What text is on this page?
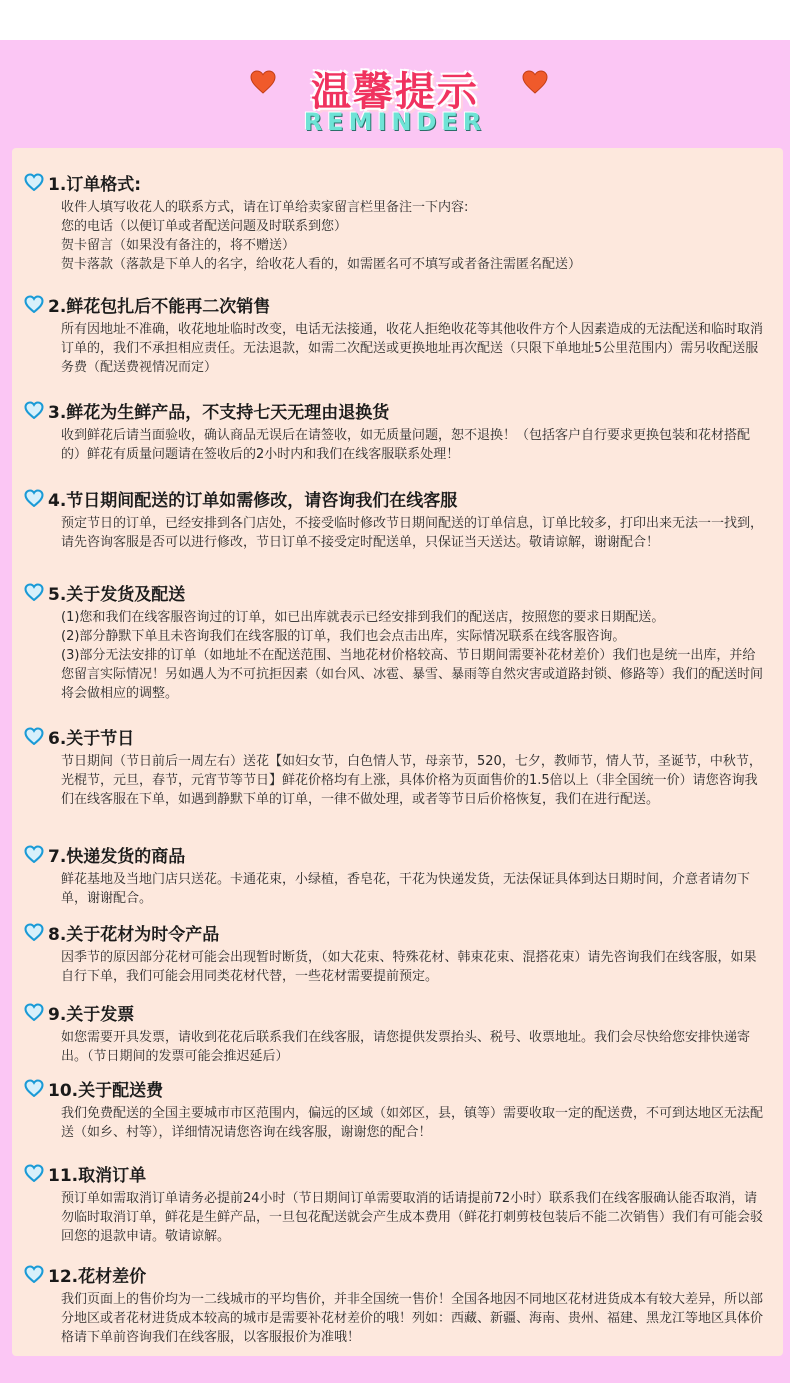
温馨提示
REMINDER
1.订单格式:

收件人填写收花人的联系方式，请在订单给卖家留言栏里备注一下内容:

您的电话（以便订单或者配送问题及时联系到您）

贺卡留言（如果没有备注的，将不赠送）

贺卡落款（落款是下单人的名字，给收花人看的，如需匿名可不填写或者备注需匿名配送）

2.鲜花包扎后不能再二次销售

所有因地址不准确，收花地址临时改变，电话无法接通，收花人拒绝收花等其他收件方个人因素造成的无法配送和临时取消订单的，我们不承担相应责任。无法退款，如需二次配送或更换地址再次配送（只限下单地址5公里范围内）需另收配送服务费（配送费视情况而定）

3.鲜花为生鲜产品，不支持七天无理由退换货

收到鲜花后请当面验收，确认商品无误后在请签收，如无质量问题，恕不退换！（包括客户自行要求更换包装和花材搭配的）鲜花有质量问题请在签收后的2小时内和我们在线客服联系处理！

4.节日期间配送的订单如需修改，请咨询我们在线客服

预定节日的订单，已经安排到各门店处，不接受临时修改节日期间配送的订单信息，订单比较多，打印出来无法一一找到，请先咨询客服是否可以进行修改，节日订单不接受定时配送单，只保证当天送达。敬请谅解，谢谢配合！

5.关于发货及配送

(1)您和我们在线客服咨询过的订单，如已出库就表示已经安排到我们的配送店，按照您的要求日期配送。

(2)部分静默下单且未咨询我们在线客服的订单，我们也会点击出库，实际情况联系在线客服咨询。

(3)部分无法安排的订单（如地址不在配送范围、当地花材价格较高、节日期间需要补花材差价）我们也是统一出库，并给您留言实际情况！另如遇人为不可抗拒因素（如台风、冰雹、暴雪、暴雨等自然灾害或道路封锁、修路等）我们的配送时间将会做相应的调整。

6.关于节日

节日期间（节日前后一周左右）送花【如妇女节，白色情人节，母亲节，520，七夕，教师节，情人节，圣诞节，中秋节，光棍节，元旦，春节，元宵节等节日】鲜花价格均有上涨，具体价格为页面售价的1.5倍以上（非全国统一价）请您咨询我们在线客服在下单，如遇到静默下单的订单，一律不做处理，或者等节日后价格恢复，我们在进行配送。

7.快递发货的商品

鲜花基地及当地门店只送花。卡通花束，小绿植，香皂花，干花为快递发货，无法保证具体到达日期时间，介意者请勿下单，谢谢配合。

8.关于花材为时令产品

因季节的原因部分花材可能会出现暂时断货，（如大花束、特殊花材、韩束花束、混搭花束）请先咨询我们在线客服，如果自行下单，我们可能会用同类花材代替，一些花材需要提前预定。

9.关于发票

如您需要开具发票，请收到花花后联系我们在线客服，请您提供发票抬头、税号、收票地址。我们会尽快给您安排快递寄出。（节日期间的发票可能会推迟延后）

10.关于配送费

我们免费配送的全国主要城市市区范围内，偏远的区域（如郊区，县，镇等）需要收取一定的配送费，不可到达地区无法配送（如乡、村等），详细情况请您咨询在线客服，谢谢您的配合！

11.取消订单

预订单如需取消订单请务必提前24小时（节日期间订单需要取消的话请提前72小时）联系我们在线客服确认能否取消，请勿临时取消订单，鲜花是生鲜产品，一旦包花配送就会产生成本费用（鲜花打刺剪枝包装后不能二次销售）我们有可能会驳回您的退款申请。敬请谅解。

12.花材差价

我们页面上的售价均为一二线城市的平均售价，并非全国统一售价！全国各地因不同地区花材进货成本有较大差异，所以部分地区或者花材进货成本较高的城市是需要补花材差价的哦！列如：西藏、新疆、海南、贵州、福建、黑龙江等地区具体价格请下单前咨询我们在线客服，以客服报价为准哦！
